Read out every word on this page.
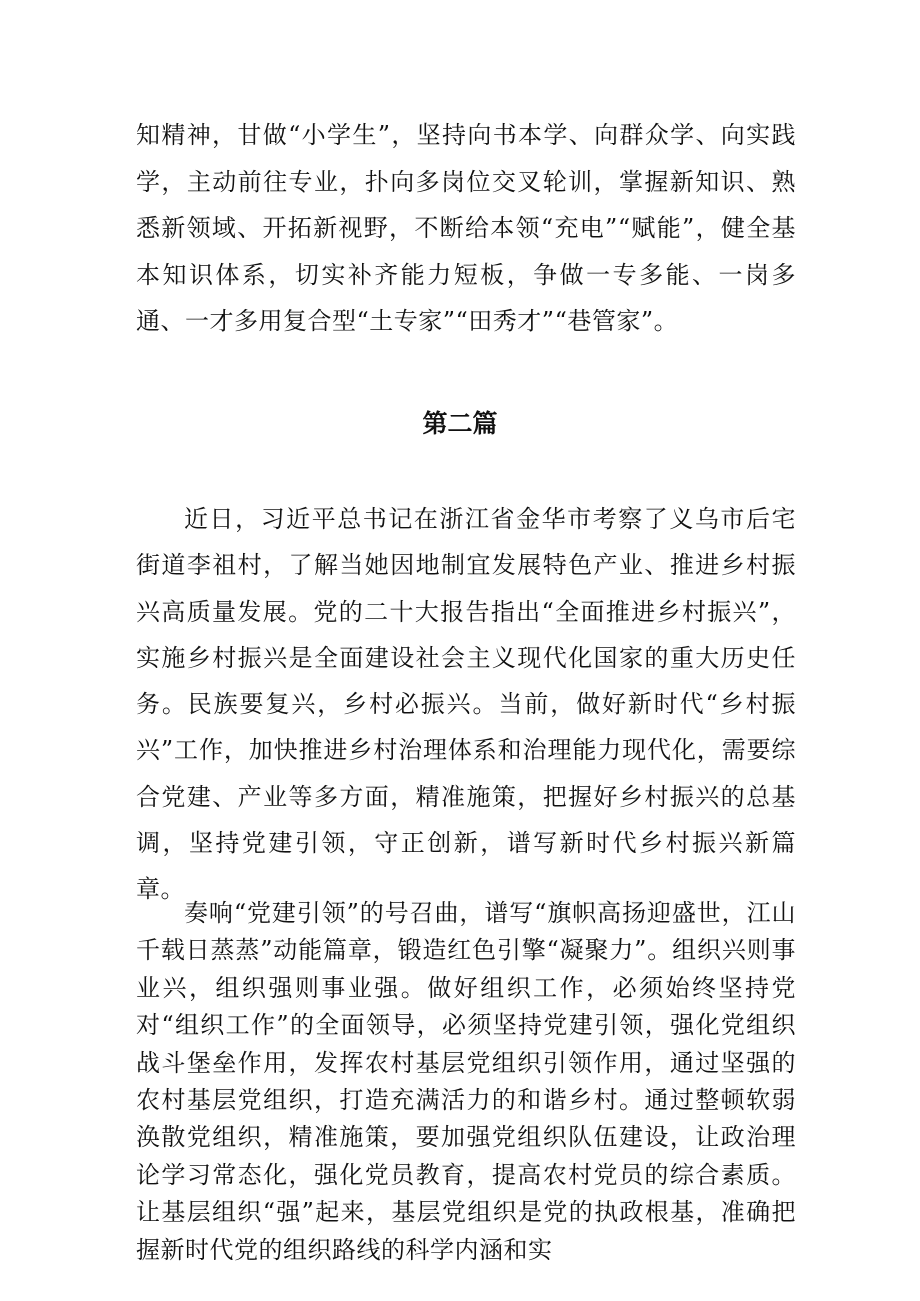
知精神，甘做“小学生”，坚持向书本学、向群众学、向实践学，主动前往专业，扑向多岗位交叉轮训，掌握新知识、熟悉新领域、开拓新视野，不断给本领“充电”“赋能”，健全基本知识体系，切实补齐能力短板，争做一专多能、一岗多通、一才多用复合型“土专家”“田秀才”“巷管家”。

第二篇

近日，习近平总书记在浙江省金华市考察了义乌市后宅街道李祖村，了解当她因地制宜发展特色产业、推进乡村振兴高质量发展。党的二十大报告指出“全面推进乡村振兴”，实施乡村振兴是全面建设社会主义现代化国家的重大历史任务。民族要复兴，乡村必振兴。当前，做好新时代“乡村振兴”工作，加快推进乡村治理体系和治理能力现代化，需要综合党建、产业等多方面，精准施策，把握好乡村振兴的总基调，坚持党建引领，守正创新，谱写新时代乡村振兴新篇章。

奏响“党建引领”的号召曲，谱写“旗帜高扬迎盛世，江山千载日蒸蒸”动能篇章，锻造红色引擎“凝聚力”。组织兴则事业兴，组织强则事业强。做好组织工作，必须始终坚持党对“组织工作”的全面领导，必须坚持党建引领，强化党组织战斗堡垒作用，发挥农村基层党组织引领作用，通过坚强的农村基层党组织，打造充满活力的和谐乡村。通过整顿软弱涣散党组织，精准施策，要加强党组织队伍建设，让政治理论学习常态化，强化党员教育，提高农村党员的综合素质。让基层组织“强”起来，基层党组织是党的执政根基，准确把握新时代党的组织路线的科学内涵和实
